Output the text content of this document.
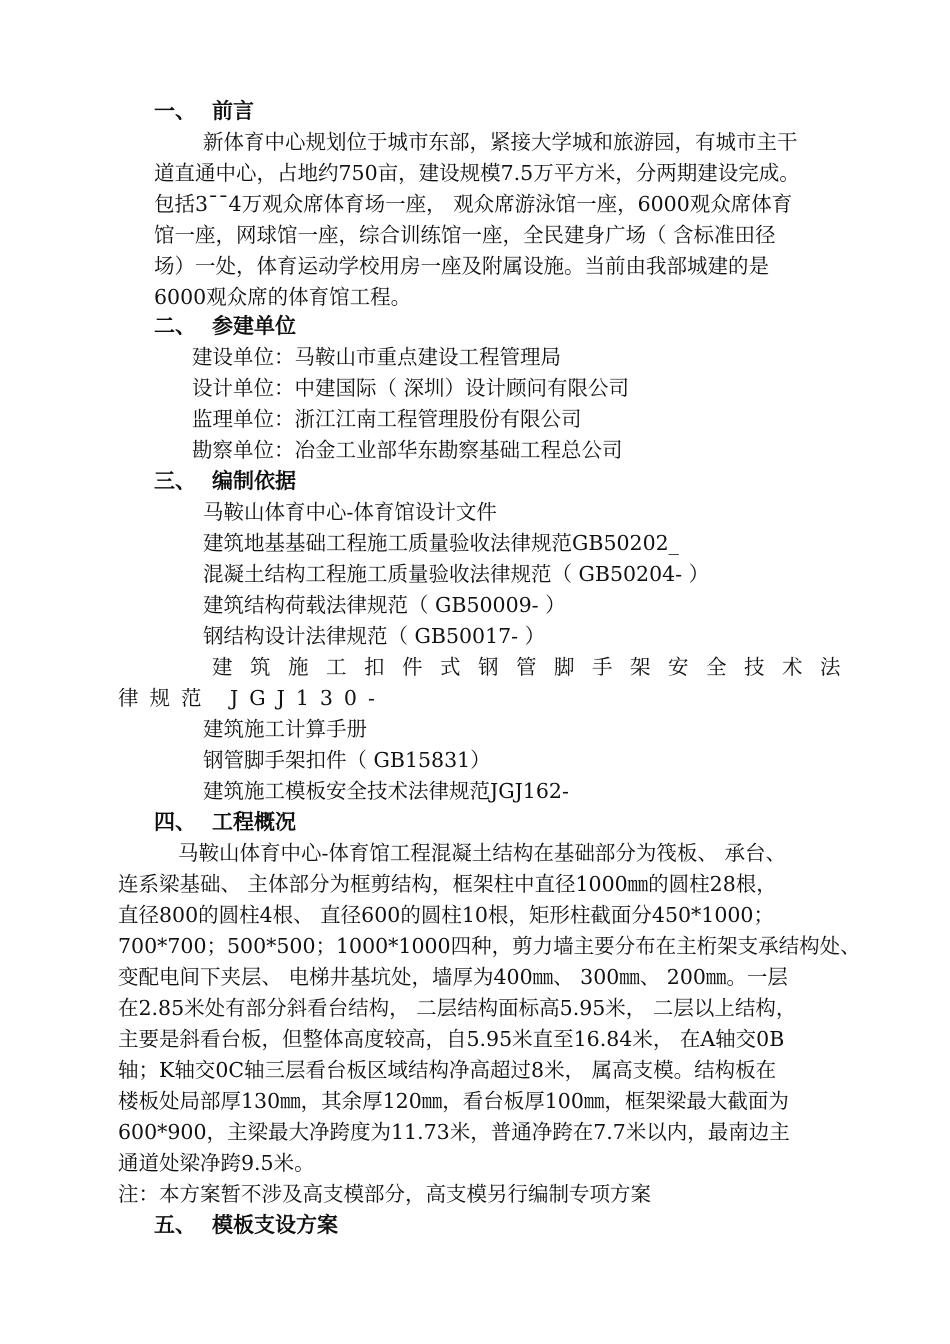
一、 前言
新体育中心规划位于城市东部，紧接大学城和旅游园，有城市主干
道直通中心，占地约750亩，建设规模7.5万平方米，分两期建设完成。
包括3¯¯4万观众席体育场一座， 观众席游泳馆一座，6000观众席体育
馆一座，网球馆一座，综合训练馆一座，全民建身广场（ 含标准田径
场）一处，体育运动学校用房一座及附属设施。当前由我部城建的是
6000观众席的体育馆工程。
二、 参建单位
建设单位：马鞍山市重点建设工程管理局
设计单位：中建国际（ 深圳）设计顾问有限公司
监理单位：浙江江南工程管理股份有限公司
勘察单位：冶金工业部华东勘察基础工程总公司
三、 编制依据
马鞍山体育中心-体育馆设计文件
建筑地基基础工程施工质量验收法律规范GB50202_
混凝土结构工程施工质量验收法律规范（ GB50204- ）
建筑结构荷载法律规范（ GB50009- ）
钢结构设计法律规范（ GB50017- ）
建筑施工扣件式钢管脚手架安全技术法
律规范 JGJ130-
建筑施工计算手册
钢管脚手架扣件（ GB15831）
建筑施工模板安全技术法律规范JGJ162-
四、 工程概况
马鞍山体育中心-体育馆工程混凝土结构在基础部分为筏板、 承台、
连系梁基础、 主体部分为框剪结构，框架柱中直径1000㎜的圆柱28根，
直径800的圆柱4根、 直径600的圆柱10根，矩形柱截面分450*1000；
700*700；500*500；1000*1000四种，剪力墙主要分布在主桁架支承结构处、
变配电间下夹层、 电梯井基坑处，墙厚为400㎜、 300㎜、 200㎜。一层
在2.85米处有部分斜看台结构， 二层结构面标高5.95米， 二层以上结构，
主要是斜看台板，但整体高度较高，自5.95米直至16.84米， 在A轴交0B
轴；K轴交0C轴三层看台板区域结构净高超过8米， 属高支模。结构板在
楼板处局部厚130㎜，其余厚120㎜，看台板厚100㎜，框架梁最大截面为
600*900，主梁最大净跨度为11.73米，普通净跨在7.7米以内，最南边主
通道处梁净跨9.5米。
注：本方案暂不涉及高支模部分，高支模另行编制专项方案
五、 模板支设方案
